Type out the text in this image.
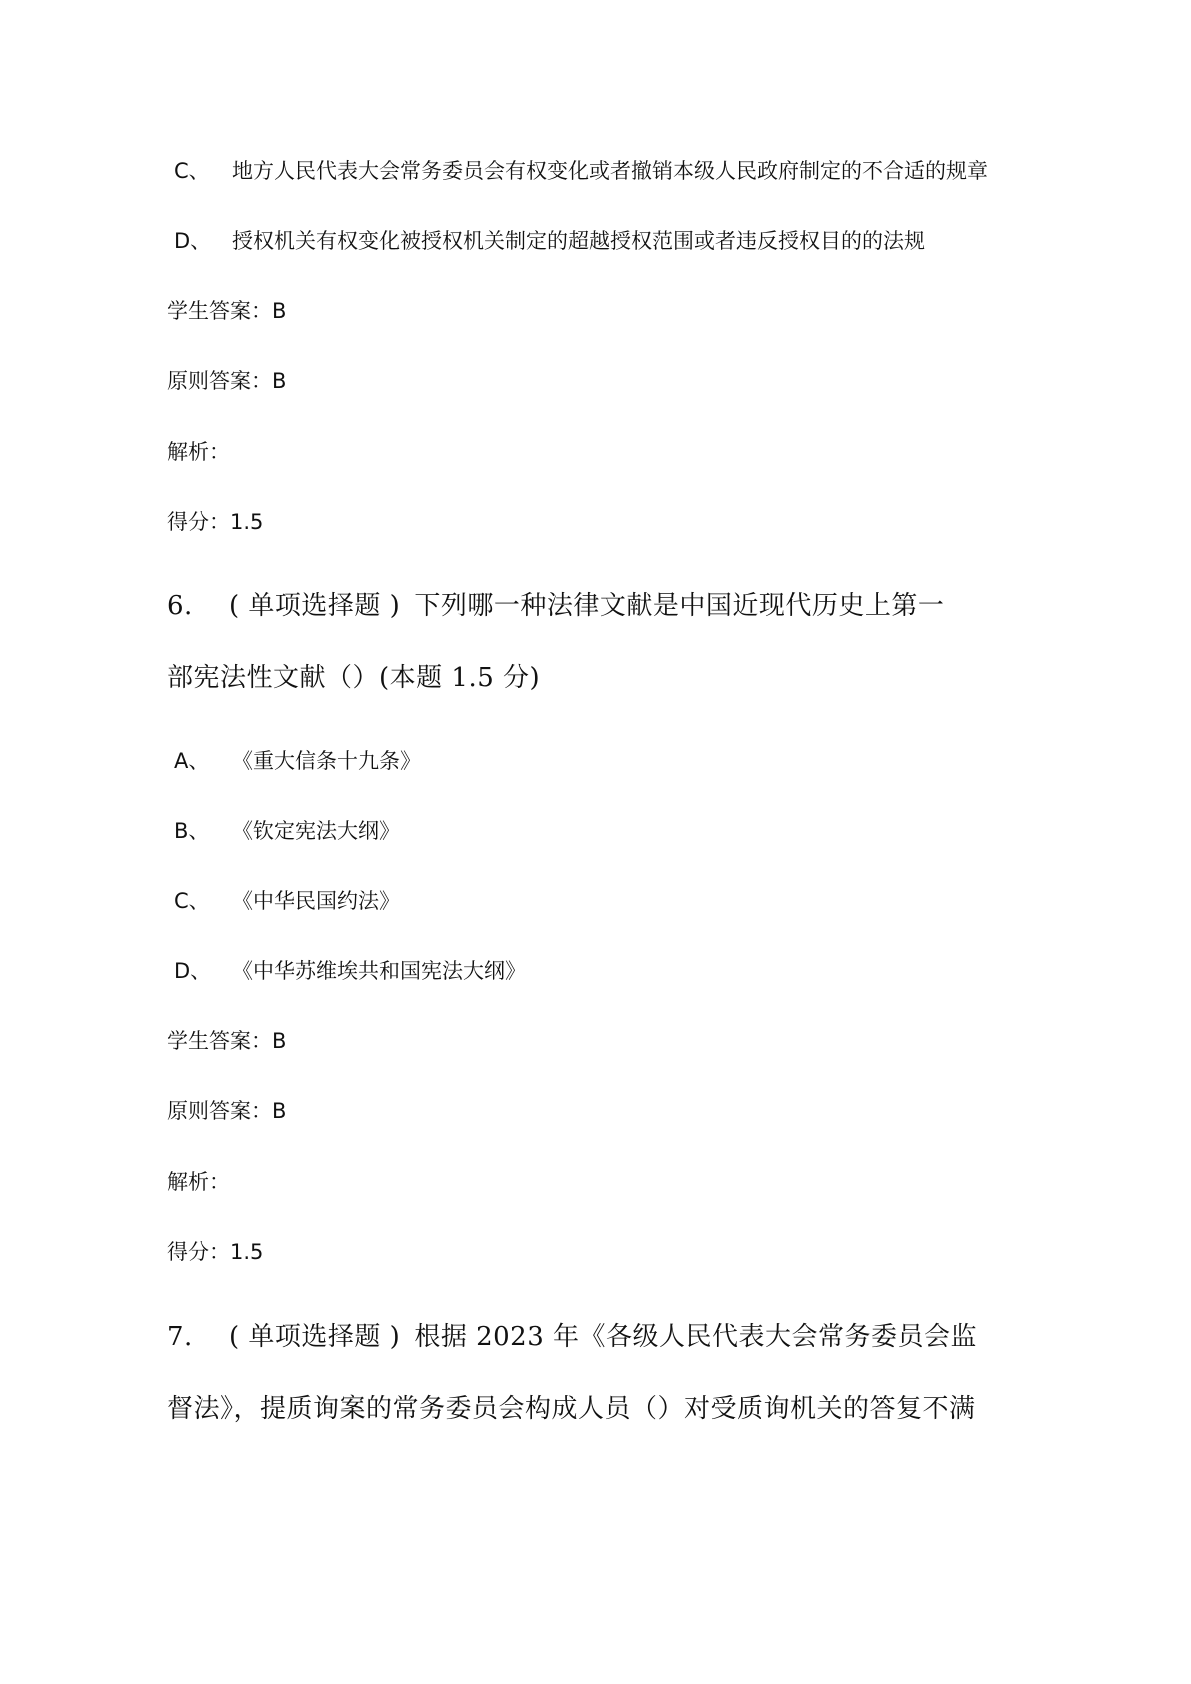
C、 地方人民代表大会常务委员会有权变化或者撤销本级人民政府制定的不合适的规章
D、 授权机关有权变化被授权机关制定的超越授权范围或者违反授权目的的法规
学生答案：B
原则答案：B
解析：
得分：1.5
6. ( 单项选择题 ) 下列哪一种法律文献是中国近现代历史上第一
部宪法性文献（）(本题 1.5 分)
A、 《重大信条十九条》
B、 《钦定宪法大纲》
C、 《中华民国约法》
D、 《中华苏维埃共和国宪法大纲》
学生答案：B
原则答案：B
解析：
得分：1.5
7. ( 单项选择题 ) 根据 2023 年《各级人民代表大会常务委员会监
督法》，提质询案的常务委员会构成人员（）对受质询机关的答复不满
